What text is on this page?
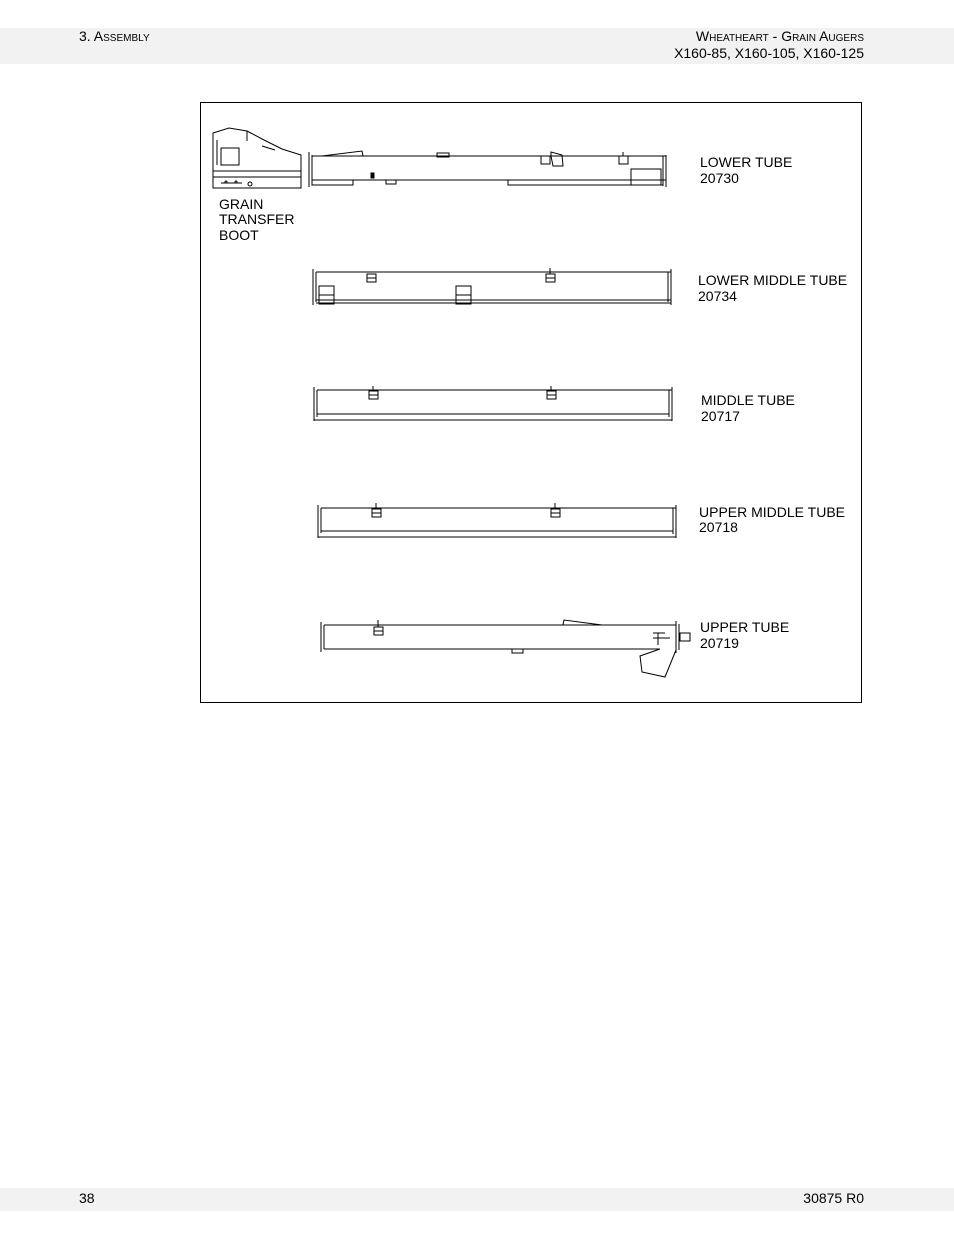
3. Assembly	Wheatheart - Grain Augers
X160-85, X160-105, X160-125
GRAIN
TRANSFER
BOOT
LOWER TUBE
20730
LOWER MIDDLE TUBE
20734
MIDDLE TUBE
20717
UPPER MIDDLE TUBE
20718
UPPER TUBE
20719
38	30875 R0
